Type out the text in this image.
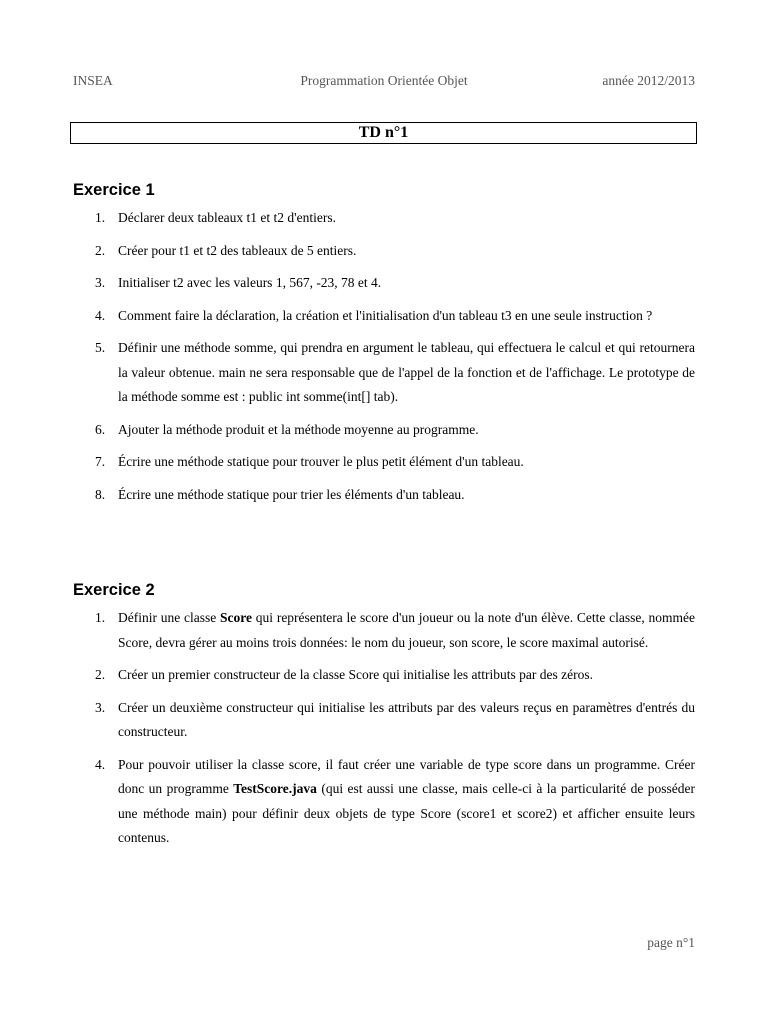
INSEA	Programmation Orientée Objet	année 2012/2013
TD n°1
Exercice 1
1. Déclarer deux tableaux t1 et t2 d'entiers.
2. Créer pour t1 et t2 des tableaux de 5 entiers.
3. Initialiser t2 avec les valeurs 1, 567, -23, 78 et 4.
4. Comment faire la déclaration, la création et l'initialisation d'un tableau t3 en une seule instruction ?
5. Définir une méthode somme, qui prendra en argument le tableau, qui effectuera le calcul et qui retournera la valeur obtenue. main ne sera responsable que de l'appel de la fonction et de l'affichage. Le prototype de la méthode somme est : public int somme(int[] tab).
6. Ajouter la méthode produit et la méthode moyenne au programme.
7. Écrire une méthode statique pour trouver le plus petit élément d'un tableau.
8. Écrire une méthode statique pour trier les éléments d'un tableau.
Exercice 2
1. Définir une classe Score qui représentera le score d'un joueur ou la note d'un élève. Cette classe, nommée Score, devra gérer au moins trois données: le nom du joueur, son score, le score maximal autorisé.
2. Créer un premier constructeur de la classe Score qui initialise les attributs par des zéros.
3. Créer un deuxième constructeur qui initialise les attributs par des valeurs reçus en paramètres d'entrés du constructeur.
4. Pour pouvoir utiliser la classe score, il faut créer une variable de type score dans un programme. Créer donc un programme TestScore.java (qui est aussi une classe, mais celle-ci à la particularité de posséder une méthode main) pour définir deux objets de type Score (score1 et score2) et afficher ensuite leurs contenus.
page n°1
